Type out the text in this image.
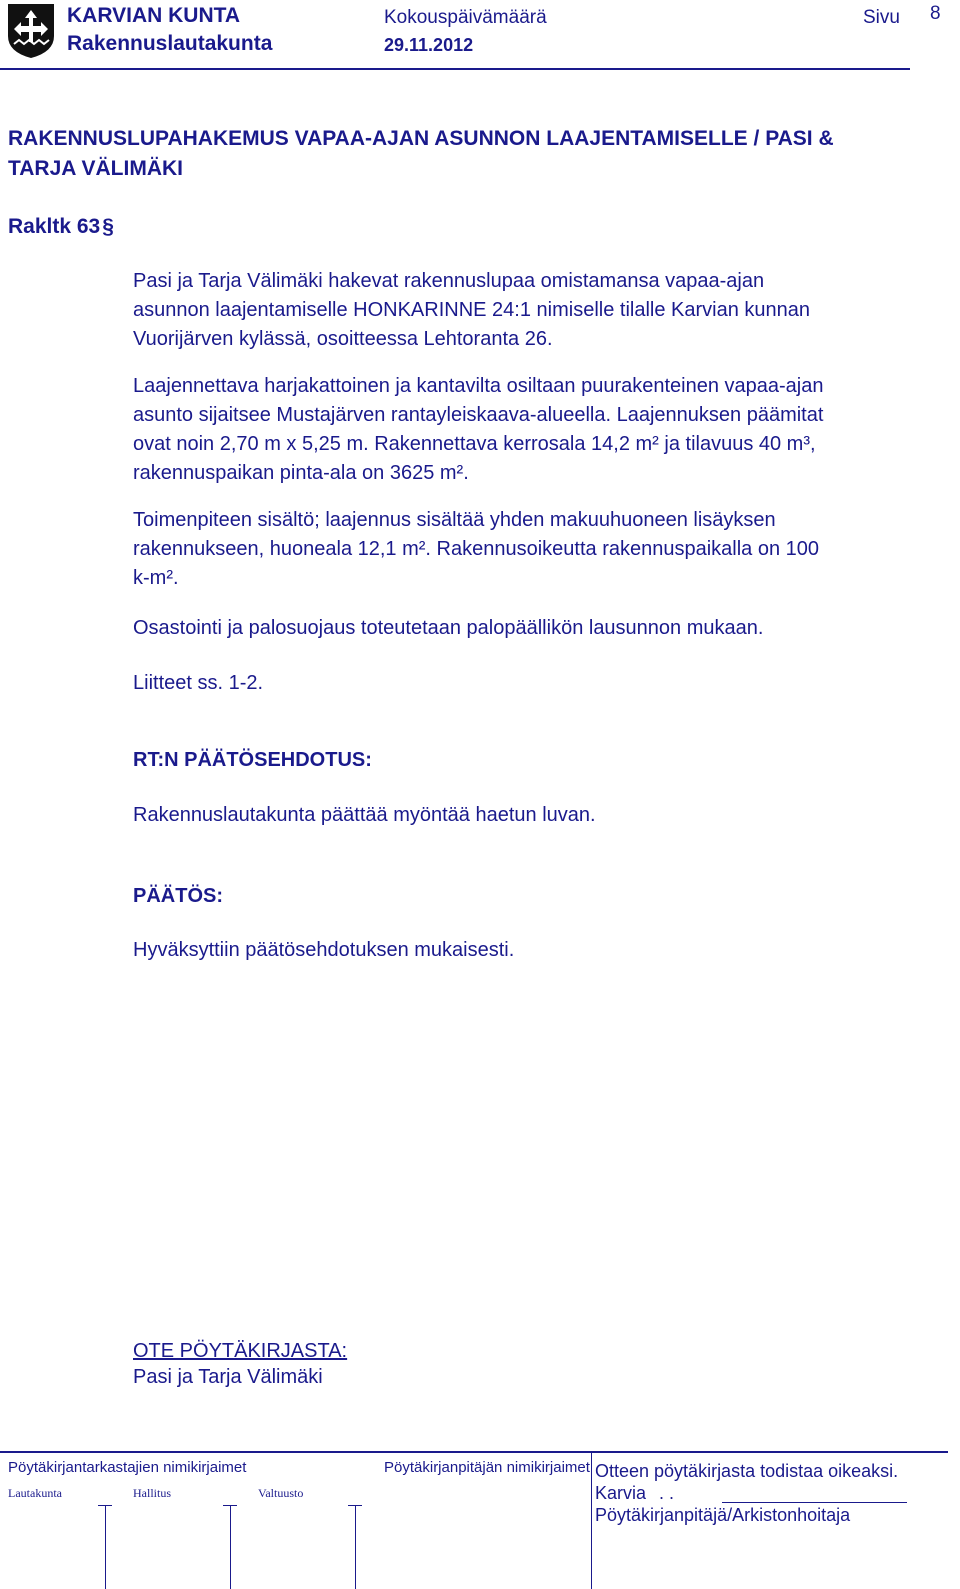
KARVIAN KUNTA
Rakennuslautakunta
Kokouspäivämäärä
29.11.2012
Sivu 8
RAKENNUSLUPAHAKEMUS VAPAA-AJAN ASUNNON LAAJENTAMISELLE / PASI &
TARJA VÄLIMÄKI
Rakltk 63§

Pasi ja Tarja Välimäki hakevat rakennuslupaa omistamansa vapaa-ajan

asunnon laajentamiselle HONKARINNE 24:1 nimiselle tilalle Karvian kunnan

Vuorijärven kylässä, osoitteessa Lehtoranta 26.

Laajennettava harjakattoinen ja kantavilta osiltaan puurakenteinen vapaa-ajan

asunto sijaitsee Mustajärven rantayleiskaava-alueella. Laajennuksen päämitat

ovat noin 2,70 m x 5,25 m. Rakennettava kerrosala 14,2 m² ja tilavuus 40 m³,

rakennuspaikan pinta-ala on 3625 m².

Toimenpiteen sisältö; laajennus sisältää yhden makuuhuoneen lisäyksen

rakennukseen, huoneala 12,1 m². Rakennusoikeutta rakennuspaikalla on 100

k-m².

Osastointi ja palosuojaus toteutetaan palopäällikön lausunnon mukaan.

Liitteet ss. 1-2.

RT:N PÄÄTÖSEHDOTUS:
Rakennuslautakunta päättää myöntää haetun luvan.
PÄÄTÖS:
Hyväksyttiin päätösehdotuksen mukaisesti.
OTE PÖYTÄKIRJASTA:
Pasi ja Tarja Välimäki
Pöytäkirjantarkastajien nimikirjaimet	Pöytäkirjanpitäjän nimikirjaimet Otteen pöytäkirjasta todistaa oikeaksi.
Karvia . .
Pöytäkirjanpitäjä/Arkistonhoitaja
Lautakunta	Hallitus	Valtuusto
